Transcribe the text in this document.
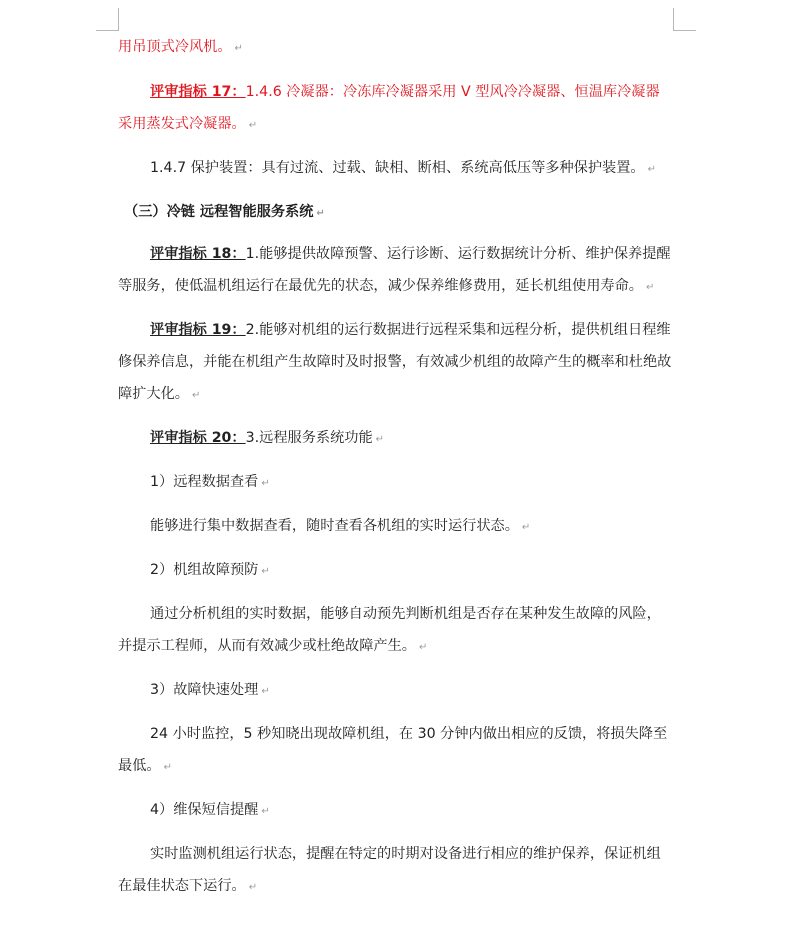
用吊顶式冷风机。 ↵

评审指标 17：1.4.6 冷凝器：冷冻库冷凝器采用 V 型风冷冷凝器、恒温库冷凝器采用蒸发式冷凝器。 ↵

1.4.7 保护装置：具有过流、过载、缺相、断相、系统高低压等多种保护装置。 ↵

（三）冷链 远程智能服务系统 ↵

评审指标 18：1.能够提供故障预警、运行诊断、运行数据统计分析、维护保养提醒等服务，使低温机组运行在最优先的状态，减少保养维修费用，延长机组使用寿命。 ↵

评审指标 19：2.能够对机组的运行数据进行远程采集和远程分析，提供机组日程维修保养信息，并能在机组产生故障时及时报警，有效减少机组的故障产生的概率和杜绝故障扩大化。 ↵

评审指标 20：3.远程服务系统功能 ↵

1）远程数据查看 ↵

能够进行集中数据查看，随时查看各机组的实时运行状态。 ↵

2）机组故障预防 ↵

通过分析机组的实时数据，能够自动预先判断机组是否存在某种发生故障的风险，并提示工程师，从而有效减少或杜绝故障产生。 ↵

3）故障快速处理 ↵

24 小时监控，5 秒知晓出现故障机组，在 30 分钟内做出相应的反馈，将损失降至最低。 ↵

4）维保短信提醒 ↵

实时监测机组运行状态，提醒在特定的时期对设备进行相应的维护保养，保证机组在最佳状态下运行。 ↵
